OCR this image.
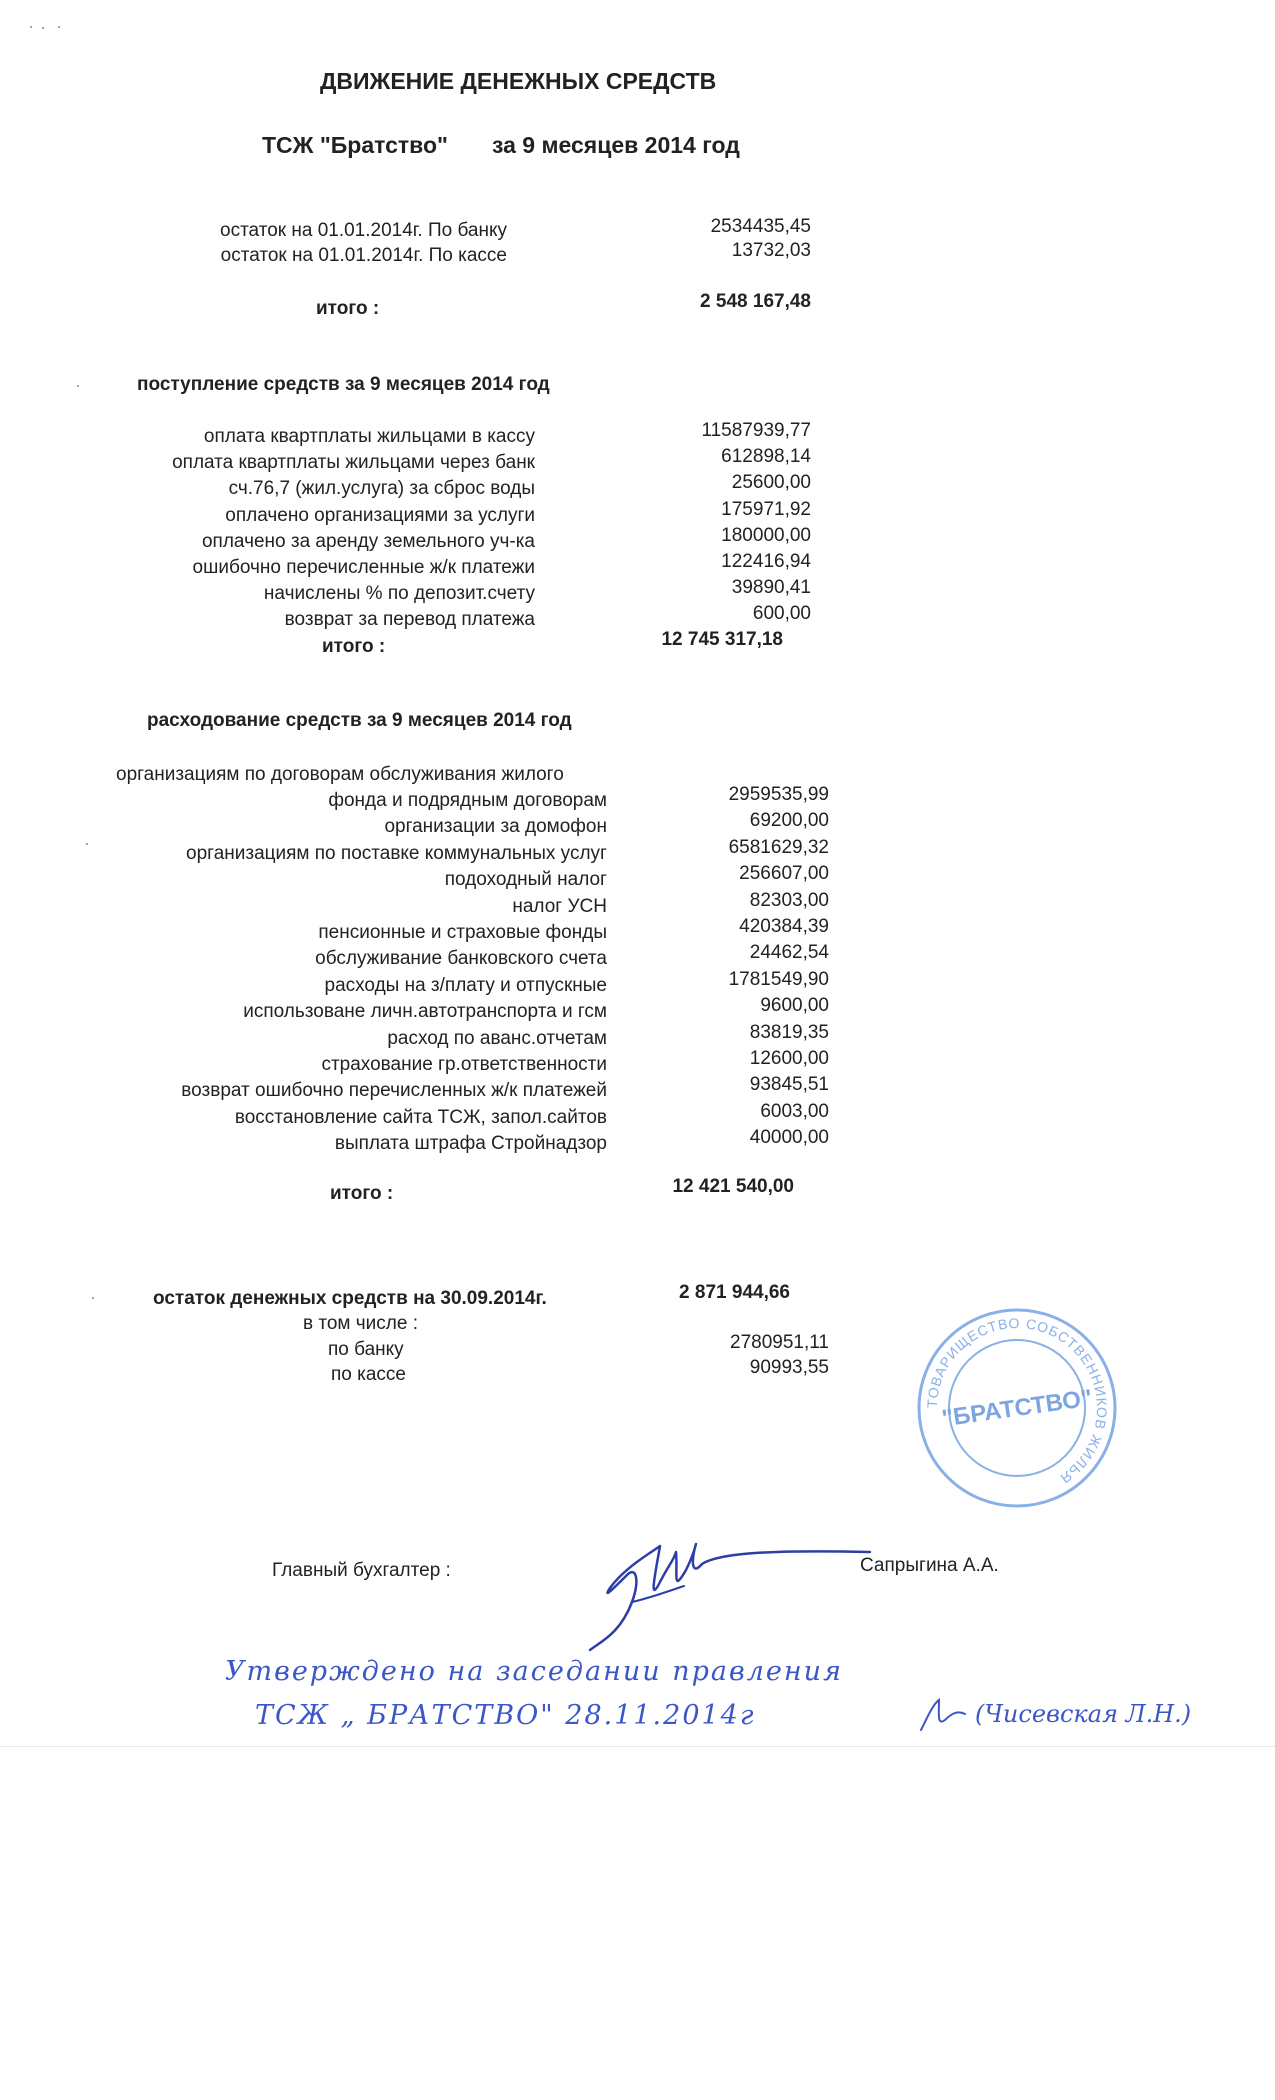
ДВИЖЕНИЕ ДЕНЕЖНЫХ СРЕДСТВ
ТСЖ "Братство" за 9 месяцев 2014 год
остаток на 01.01.2014г. По банку	2534435,45
остаток на 01.01.2014г. По кассе	13732,03
итого :	2 548 167,48
поступление средств за 9 месяцев 2014 год
оплата квартплаты жильцами в кассу	11587939,77
оплата квартплаты жильцами через банк	612898,14
сч.76,7 (жил.услуга) за сброс воды	25600,00
оплачено организациями за услуги	175971,92
оплачено за аренду земельного уч-ка	180000,00
ошибочно перечисленные ж/к платежи	122416,94
начислены % по депозит.счету	39890,41
возврат за перевод платежа	600,00
итого :	12 745 317,18
расходование средств за 9 месяцев 2014 год
организациям по договорам обслуживания жилого
фонда и подрядным договорам	2959535,99
организации за домофон	69200,00
организациям по поставке коммунальных услуг	6581629,32
подоходный налог	256607,00
налог УСН	82303,00
пенсионные и страховые фонды	420384,39
обслуживание банковского счета	24462,54
расходы на з/плату и отпускные	1781549,90
использоване личн.автотранспорта и гсм	9600,00
расход по аванс.отчетам	83819,35
страхование гр.ответственности	12600,00
возврат ошибочно перечисленных ж/к платежей	93845,51
восстановление сайта ТСЖ, запол.сайтов	6003,00
выплата штрафа Стройнадзор	40000,00
итого :	12 421 540,00
остаток денежных средств на 30.09.2014г.	2 871 944,66
в том числе :
по банку	2780951,11
по кассе	90993,55
ТОВАРИЩЕСТВО СОБСТВЕННИКОВ ЖИЛЬЯ
"БРАТСТВО"
Главный бухгалтер :	Сапрыгина А.А.
Утверждено на заседании правления
ТСЖ „ БРАТСТВО" 28.11.2014г	(Чисевская Л.Н.)
